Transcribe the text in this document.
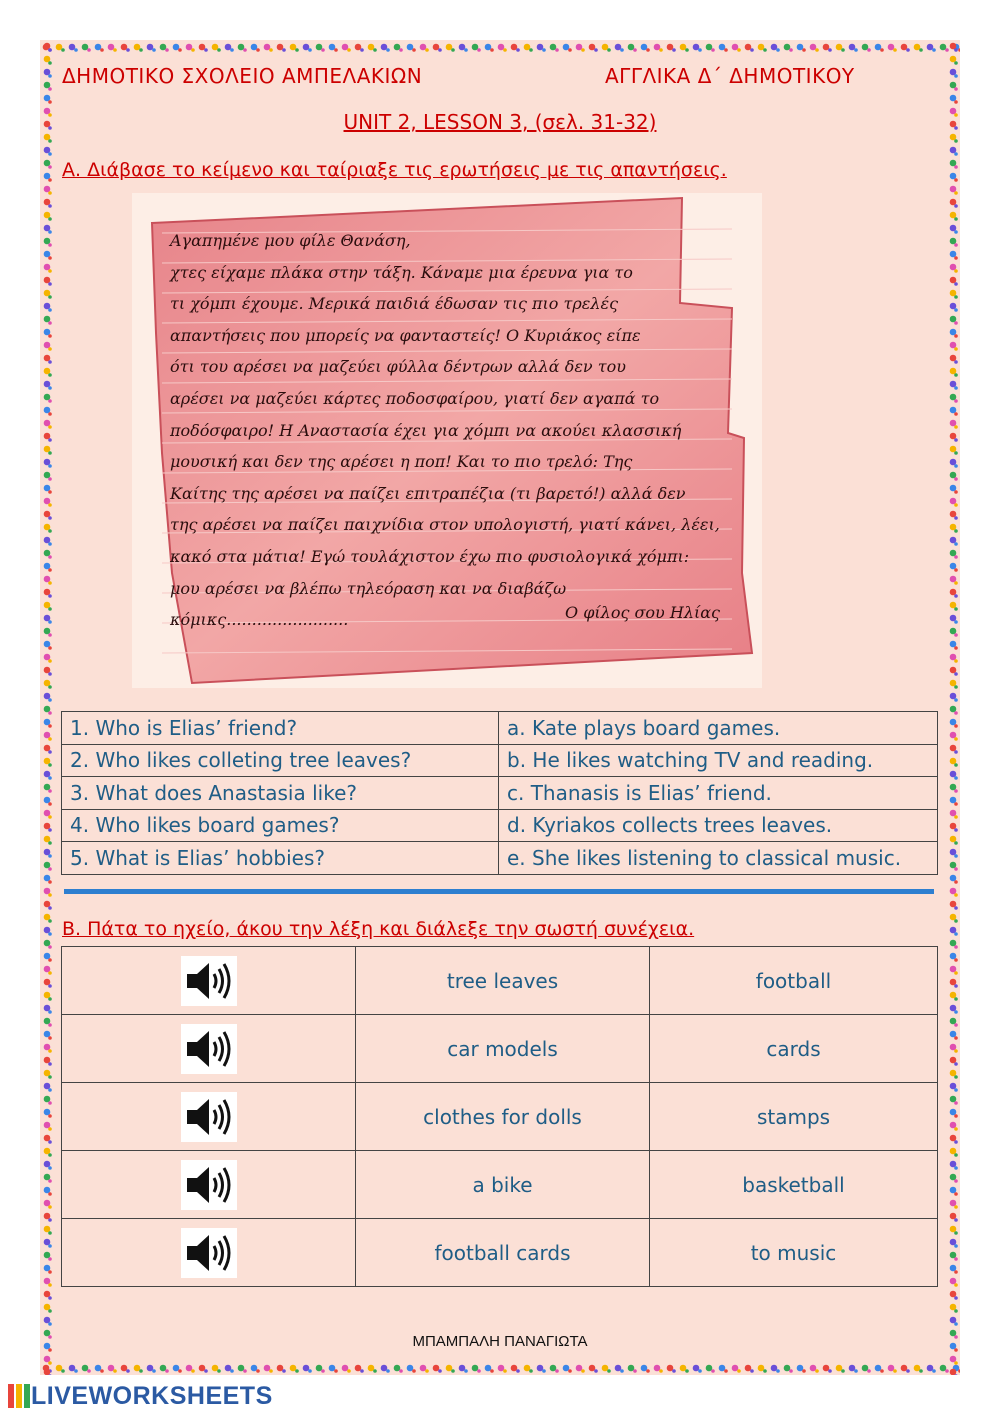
ΔΗΜΟΤΙΚΟ ΣΧΟΛΕΙΟ ΑΜΠΕΛΑΚΙΩΝ	ΑΓΓΛΙΚΑ Δ΄ ΔΗΜΟΤΙΚΟΥ
UNIT 2, LESSON 3, (σελ. 31-32)
Α. Διάβασε το κείμενο και ταίριαξε τις ερωτήσεις με τις απαντήσεις.
Αγαπημένε μου φίλε Θανάση,
χτες είχαμε πλάκα στην τάξη. Κάναμε μια έρευνα για το
τι χόμπι έχουμε. Μερικά παιδιά έδωσαν τις πιο τρελές
απαντήσεις που μπορείς να φανταστείς! Ο Κυριάκος είπε
ότι του αρέσει να μαζεύει φύλλα δέντρων αλλά δεν του
αρέσει να μαζεύει κάρτες ποδοσφαίρου, γιατί δεν αγαπά το
ποδόσφαιρο! Η Αναστασία έχει για χόμπι να ακούει κλασσική
μουσική και δεν της αρέσει η ποπ! Και το πιο τρελό: Της
Καίτης της αρέσει να παίζει επιτραπέζια (τι βαρετό!) αλλά δεν
της αρέσει να παίζει παιχνίδια στον υπολογιστή, γιατί κάνει, λέει,
κακό στα μάτια! Εγώ τουλάχιστον έχω πιο φυσιολογικά χόμπι:
μου αρέσει να βλέπω τηλεόραση και να διαβάζω
κόμικς........................	Ο φίλος σου Ηλίας
1. Who is Elias’ friend?	a. Kate plays board games.
2. Who likes colleting tree leaves?	b. He likes watching TV and reading.
3. What does Anastasia like?	c. Thanasis is Elias’ friend.
4. Who likes board games?	d. Kyriakos collects trees leaves.
5. What is Elias’ hobbies?	e. She likes listening to classical music.
Β. Πάτα το ηχείο, άκου την λέξη και διάλεξε την σωστή συνέχεια.
	tree leaves	football
	car models	cards
	clothes for dolls	stamps
	a bike	basketball
	football cards	to music
ΜΠΑΜΠΑΛΗ ΠΑΝΑΓΙΩΤΑ
LIVEWORKSHEETS
